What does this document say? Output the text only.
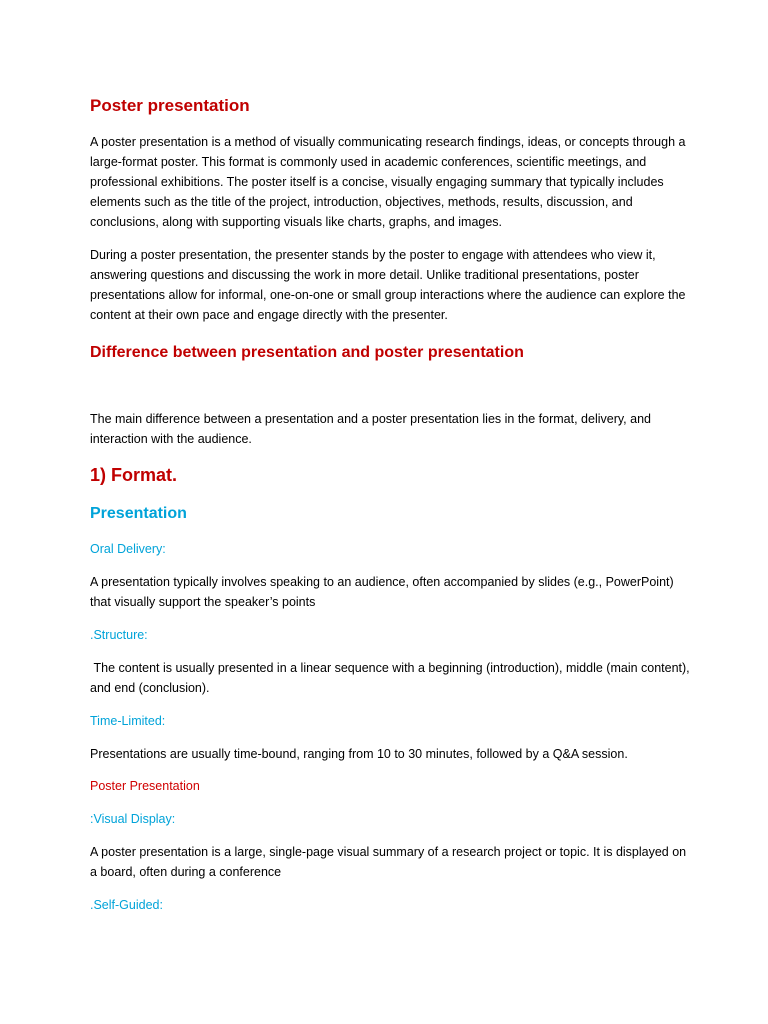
Poster presentation

A poster presentation is a method of visually communicating research findings, ideas, or concepts through a large-format poster. This format is commonly used in academic conferences, scientific meetings, and professional exhibitions. The poster itself is a concise, visually engaging summary that typically includes elements such as the title of the project, introduction, objectives, methods, results, discussion, and conclusions, along with supporting visuals like charts, graphs, and images.

During a poster presentation, the presenter stands by the poster to engage with attendees who view it, answering questions and discussing the work in more detail. Unlike traditional presentations, poster presentations allow for informal, one-on-one or small group interactions where the audience can explore the content at their own pace and engage directly with the presenter.

Difference between presentation and poster presentation

The main difference between a presentation and a poster presentation lies in the format, delivery, and interaction with the audience.

1) Format.
Presentation

Oral Delivery:

A presentation typically involves speaking to an audience, often accompanied by slides (e.g., PowerPoint) that visually support the speaker’s points

.Structure:

The content is usually presented in a linear sequence with a beginning (introduction), middle (main content), and end (conclusion).

Time-Limited:

Presentations are usually time-bound, ranging from 10 to 30 minutes, followed by a Q&A session.

Poster Presentation

:Visual Display:

A poster presentation is a large, single-page visual summary of a research project or topic. It is displayed on a board, often during a conference

.Self-Guided:
